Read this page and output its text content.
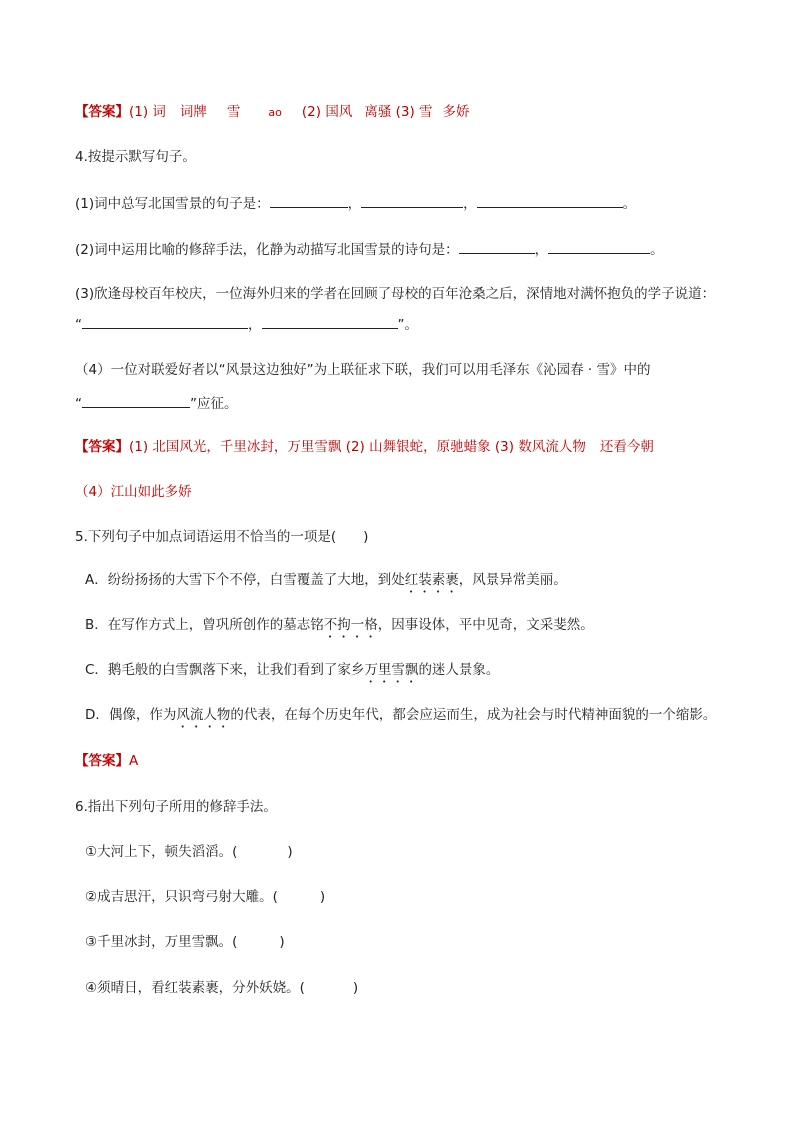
【答案】(1) 词 词牌 雪	ao (2) 国风 离骚 (3) 雪 多娇
4.按提示默写句子。
(1)词中总写北国雪景的句子是：	，	，	。
(2)词中运用比喻的修辞手法，化静为动描写北国雪景的诗句是：	，	。
(3)欣逢母校百年校庆，一位海外归来的学者在回顾了母校的百年沧桑之后，深情地对满怀抱负的学子说道：
“	，	”。
（4）一位对联爱好者以“风景这边独好”为上联征求下联，我们可以用毛泽东《沁园春 · 雪》中的
“	”应征。
【答案】(1) 北国风光，千里冰封，万里雪飘 (2) 山舞银蛇，原驰蜡象 (3) 数风流人物 还看今朝
（4）江山如此多娇
5.下列句子中加点词语运用不恰当的一项是(　　)
A．纷纷扬扬的大雪下个不停，白雪覆盖了大地，到处红装素裹，风景异常美丽。
B．在写作方式上，曾巩所创作的墓志铭不拘一格，因事设体，平中见奇，文采斐然。
C．鹅毛般的白雪飘落下来，让我们看到了家乡万里雪飘的迷人景象。
D．偶像，作为风流人物的代表，在每个历史年代，都会应运而生，成为社会与时代精神面貌的一个缩影。
【答案】A
6.指出下列句子所用的修辞手法。
①大河上下，顿失滔滔。(	)
②成吉思汗，只识弯弓射大雕。(	)
③千里冰封，万里雪飘。(	)
④须晴日，看红装素裹，分外妖娆。(	)
